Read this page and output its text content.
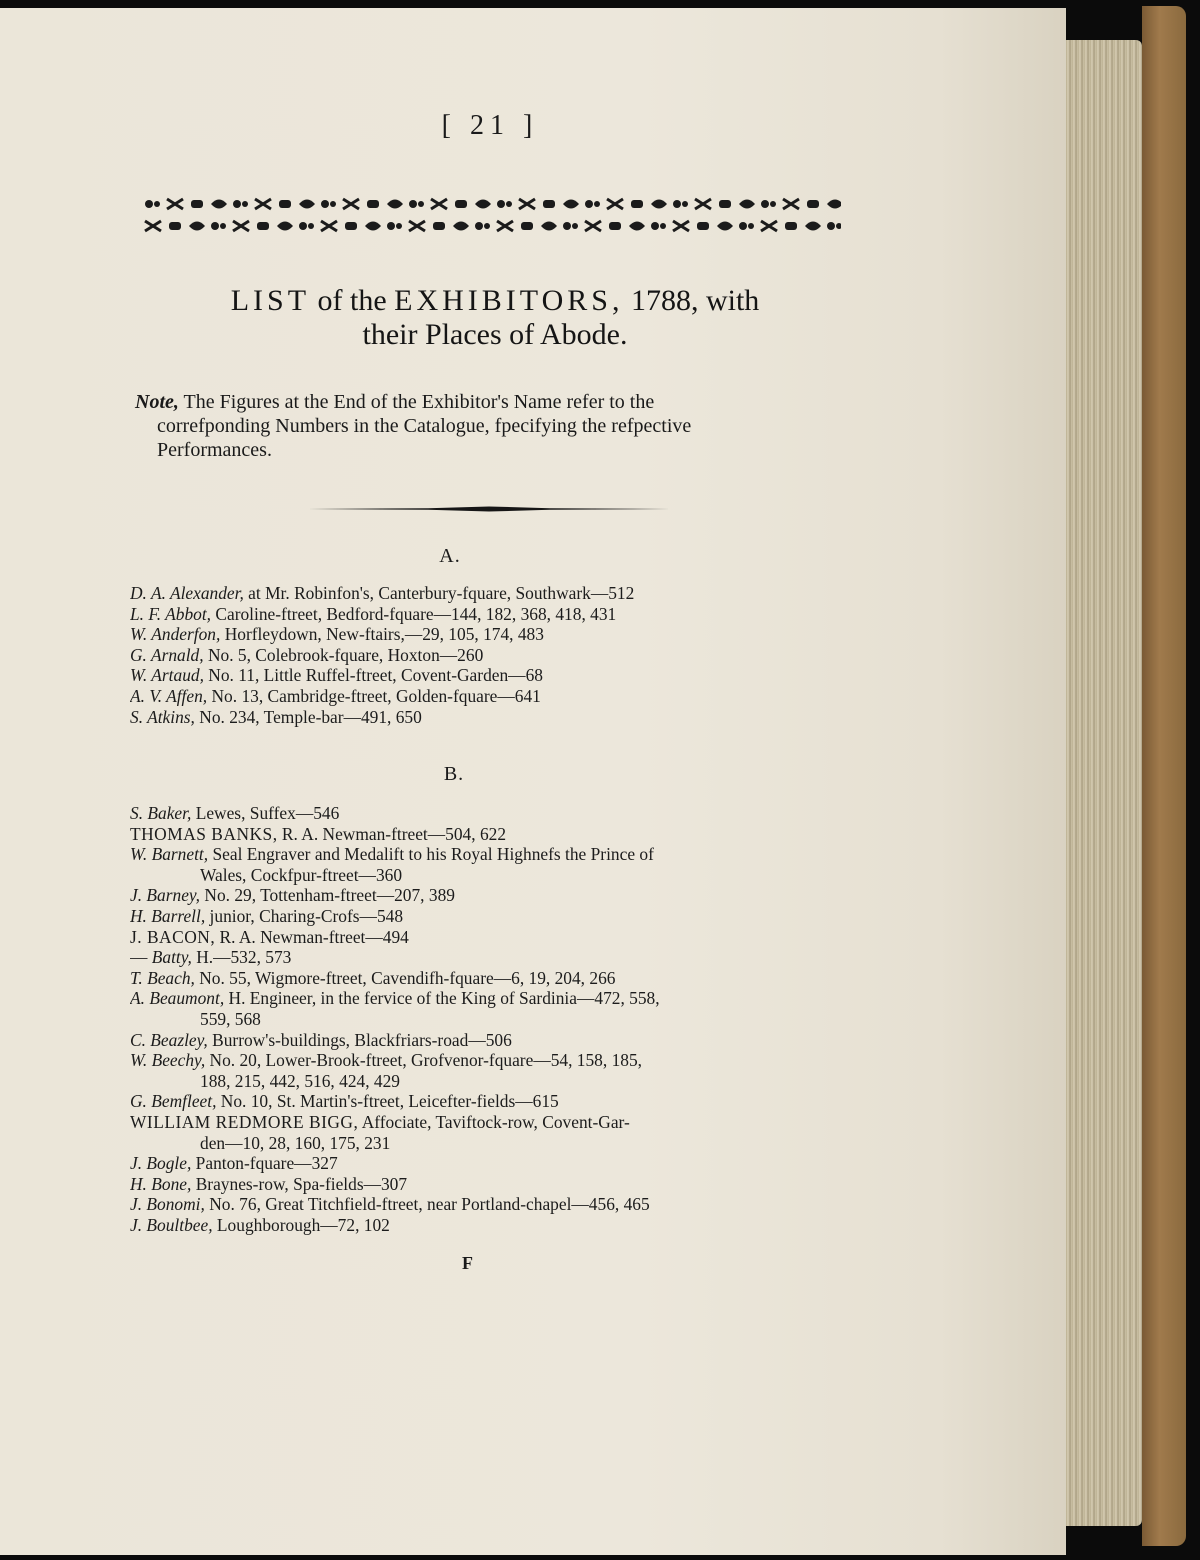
[ 21 ]
LIST of the EXHIBITORS, 1788, with
their Places of Abode.

Note, The Figures at the End of the Exhibitor's Name refer to the

correfponding Numbers in the Catalogue, fpecifying the refpective

Performances.

A.

D. A. Alexander, at Mr. Robinfon's, Canterbury-fquare, Southwark—512

L. F. Abbot, Caroline-ftreet, Bedford-fquare—144, 182, 368, 418, 431

W. Anderfon, Horfleydown, New-ftairs,—29, 105, 174, 483

G. Arnald, No. 5, Colebrook-fquare, Hoxton—260

W. Artaud, No. 11, Little Ruffel-ftreet, Covent-Garden—68

A. V. Affen, No. 13, Cambridge-ftreet, Golden-fquare—641

S. Atkins, No. 234, Temple-bar—491, 650

B.

S. Baker, Lewes, Suffex—546

THOMAS BANKS, R. A. Newman-ftreet—504, 622

W. Barnett, Seal Engraver and Medalift to his Royal Highnefs the Prince of

Wales, Cockfpur-ftreet—360

J. Barney, No. 29, Tottenham-ftreet—207, 389

H. Barrell, junior, Charing-Crofs—548

J. BACON, R. A. Newman-ftreet—494

— Batty, H.—532, 573

T. Beach, No. 55, Wigmore-ftreet, Cavendifh-fquare—6, 19, 204, 266

A. Beaumont, H. Engineer, in the fervice of the King of Sardinia—472, 558,

559, 568

C. Beazley, Burrow's-buildings, Blackfriars-road—506

W. Beechy, No. 20, Lower-Brook-ftreet, Grofvenor-fquare—54, 158, 185,

188, 215, 442, 516, 424, 429

G. Bemfleet, No. 10, St. Martin's-ftreet, Leicefter-fields—615

WILLIAM REDMORE BIGG, Affociate, Taviftock-row, Covent-Gar-

den—10, 28, 160, 175, 231

J. Bogle, Panton-fquare—327

H. Bone, Braynes-row, Spa-fields—307

J. Bonomi, No. 76, Great Titchfield-ftreet, near Portland-chapel—456, 465

J. Boultbee, Loughborough—72, 102

F
